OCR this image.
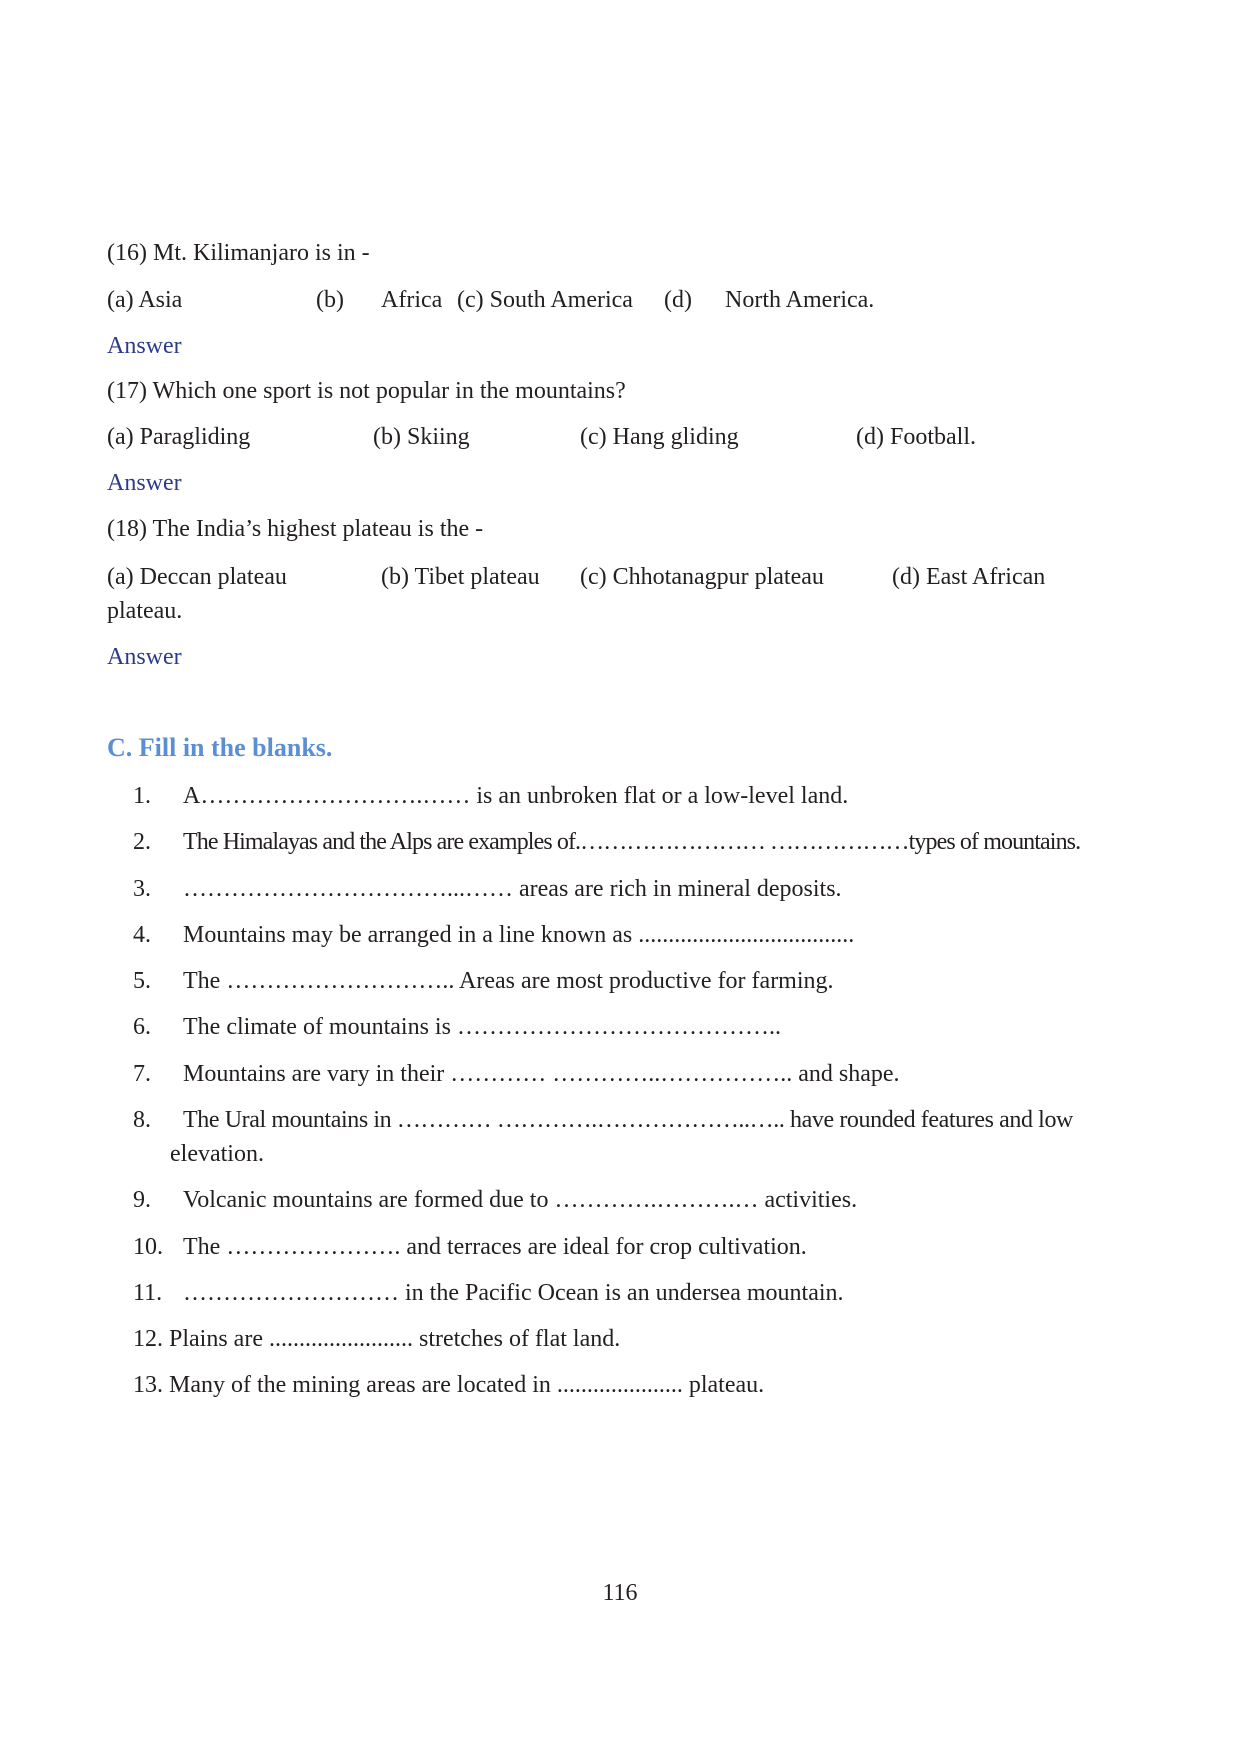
(16) Mt. Kilimanjaro is in -
(a) Asia	(b) Africa (c) South America (d) North America.
Answer
(17) Which one sport is not popular in the mountains?
(a) Paragliding	(b) Skiing	(c) Hang gliding	(d) Football.
Answer
(18) The India’s highest plateau is the -
(a) Deccan plateau	(b) Tibet plateau (c) Chhotanagpur plateau	(d) East African
plateau.
Answer
C. Fill in the blanks.
1. A……………………….…… is an unbroken flat or a low-level land.
2. The Himalayas and the Alps are examples of.…………………… ………………types of mountains.
3. ……………………………...…… areas are rich in mineral deposits.
4. Mountains may be arranged in a line known as ....................................
5. The ……………………….. Areas are most productive for farming.
6. The climate of mountains is …………………………………..
7. Mountains are vary in their ………… …………..…………….. and shape.
8. The Ural mountains in ………… ………….………………..….. have rounded features and low
elevation.
9. Volcanic mountains are formed due to ………….……….… activities.
10. The …………………. and terraces are ideal for crop cultivation.
11. ……………………… in the Pacific Ocean is an undersea mountain.
12. Plains are ........................ stretches of flat land.
13. Many of the mining areas are located in ..................... plateau.
116
